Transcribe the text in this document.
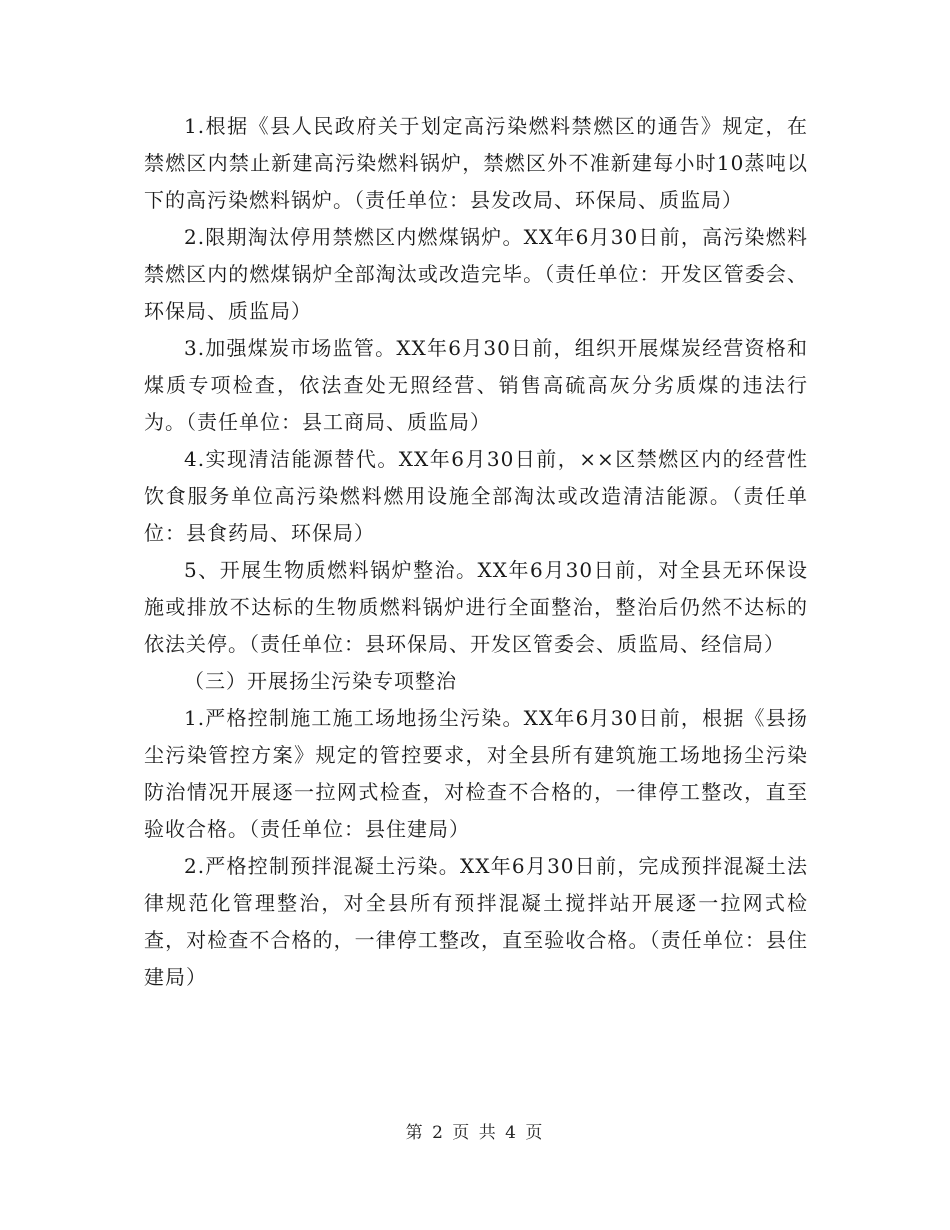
1.根据《县人民政府关于划定高污染燃料禁燃区的通告》规定，在禁燃区内禁止新建高污染燃料锅炉，禁燃区外不准新建每小时10蒸吨以下的高污染燃料锅炉。（责任单位：县发改局、环保局、质监局）

2.限期淘汰停用禁燃区内燃煤锅炉。XX年6月30日前，高污染燃料禁燃区内的燃煤锅炉全部淘汰或改造完毕。（责任单位：开发区管委会、环保局、质监局）

3.加强煤炭市场监管。XX年6月30日前，组织开展煤炭经营资格和煤质专项检查，依法查处无照经营、销售高硫高灰分劣质煤的违法行为。（责任单位：县工商局、质监局）

4.实现清洁能源替代。XX年6月30日前，××区禁燃区内的经营性饮食服务单位高污染燃料燃用设施全部淘汰或改造清洁能源。（责任单位：县食药局、环保局）

5、开展生物质燃料锅炉整治。XX年6月30日前，对全县无环保设施或排放不达标的生物质燃料锅炉进行全面整治，整治后仍然不达标的依法关停。（责任单位：县环保局、开发区管委会、质监局、经信局）

（三）开展扬尘污染专项整治

1.严格控制施工施工场地扬尘污染。XX年6月30日前，根据《县扬尘污染管控方案》规定的管控要求，对全县所有建筑施工场地扬尘污染防治情况开展逐一拉网式检查，对检查不合格的，一律停工整改，直至验收合格。（责任单位：县住建局）

2.严格控制预拌混凝土污染。XX年6月30日前，完成预拌混凝土法律规范化管理整治，对全县所有预拌混凝土搅拌站开展逐一拉网式检查，对检查不合格的，一律停工整改，直至验收合格。（责任单位：县住建局）

第 2 页 共 4 页
